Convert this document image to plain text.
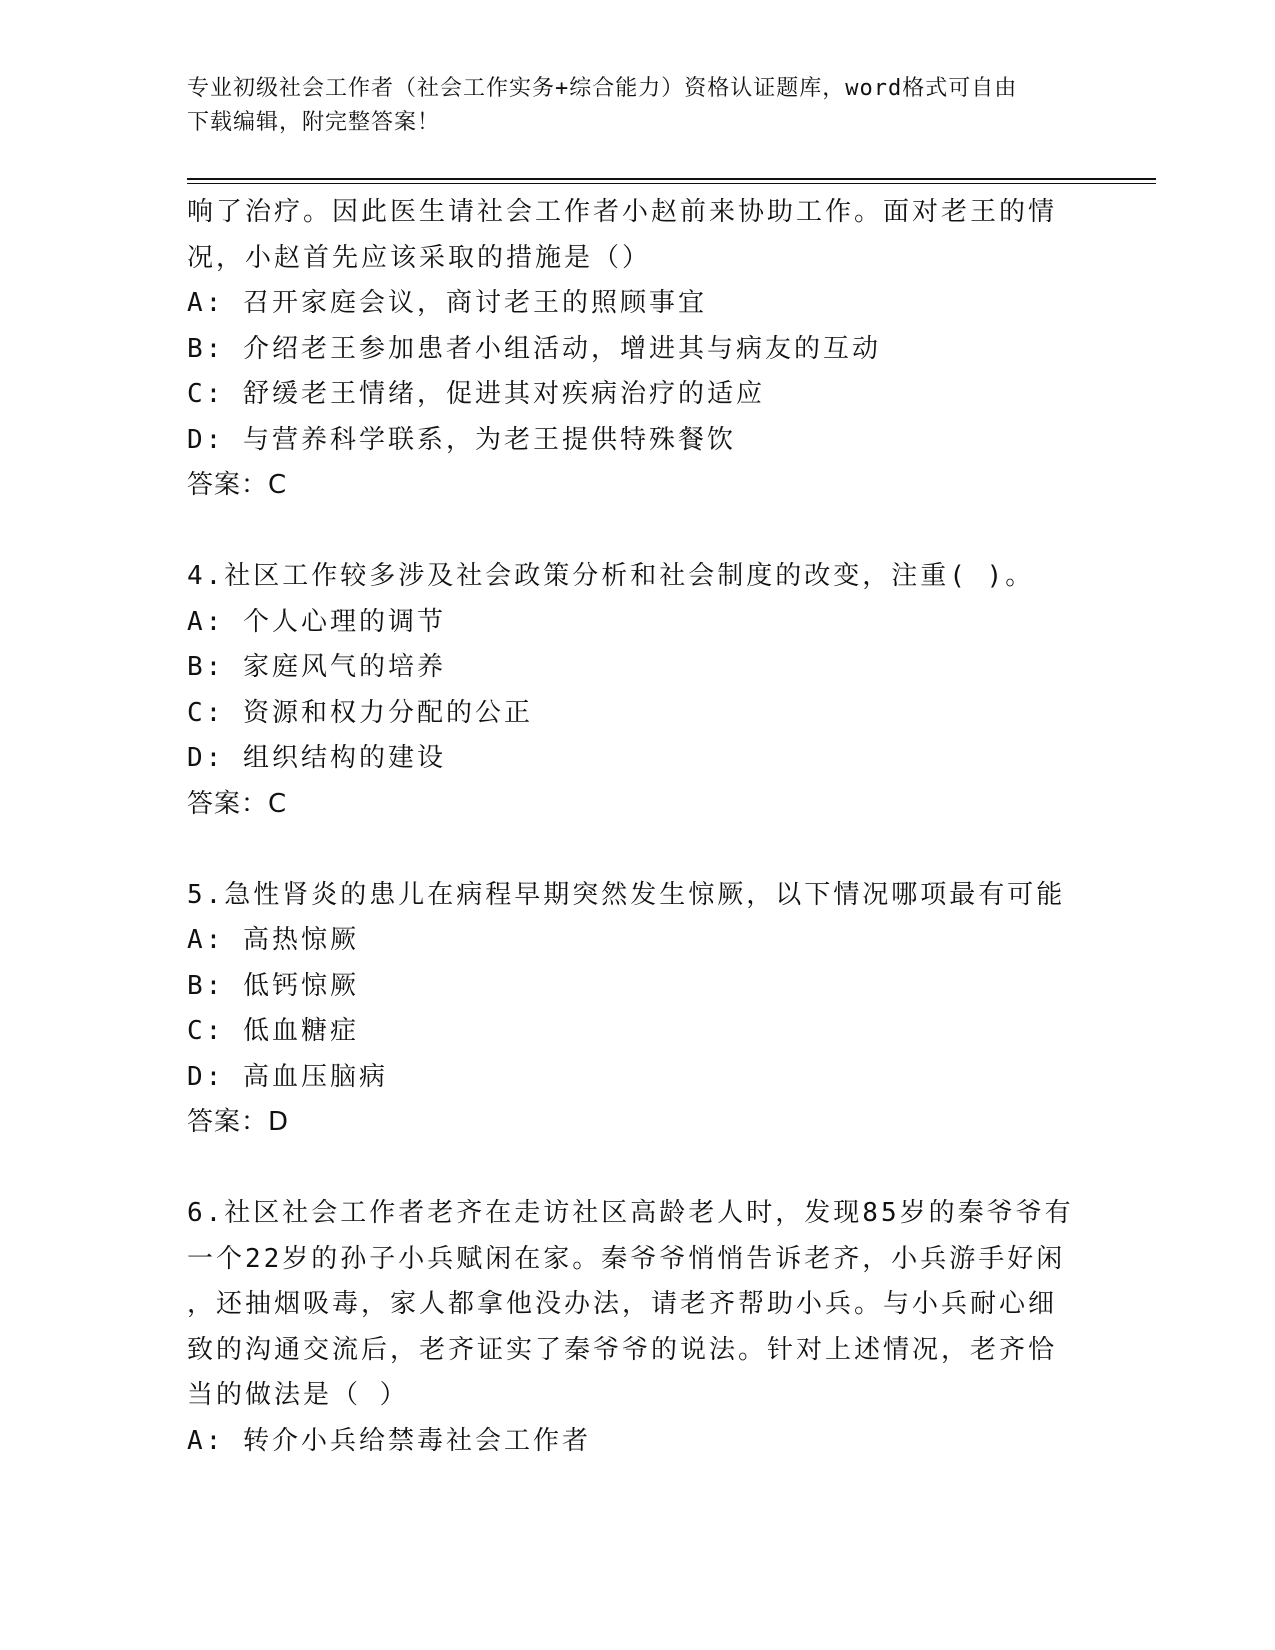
专业初级社会工作者（社会工作实务+综合能力）资格认证题库，word格式可自由
下载编辑，附完整答案！
响了治疗。因此医生请社会工作者小赵前来协助工作。面对老王的情
况，小赵首先应该采取的措施是（）
A: 召开家庭会议，商讨老王的照顾事宜
B: 介绍老王参加患者小组活动，增进其与病友的互动
C: 舒缓老王情绪，促进其对疾病治疗的适应
D: 与营养科学联系，为老王提供特殊餐饮
答案：C
4.社区工作较多涉及社会政策分析和社会制度的改变，注重( )。
A: 个人心理的调节
B: 家庭风气的培养
C: 资源和权力分配的公正
D: 组织结构的建设
答案：C
5.急性肾炎的患儿在病程早期突然发生惊厥，以下情况哪项最有可能
A: 高热惊厥
B: 低钙惊厥
C: 低血糖症
D: 高血压脑病
答案：D
6.社区社会工作者老齐在走访社区高龄老人时，发现85岁的秦爷爷有
一个22岁的孙子小兵赋闲在家。秦爷爷悄悄告诉老齐，小兵游手好闲
，还抽烟吸毒，家人都拿他没办法，请老齐帮助小兵。与小兵耐心细
致的沟通交流后，老齐证实了秦爷爷的说法。针对上述情况，老齐恰
当的做法是（ ）
A: 转介小兵给禁毒社会工作者
